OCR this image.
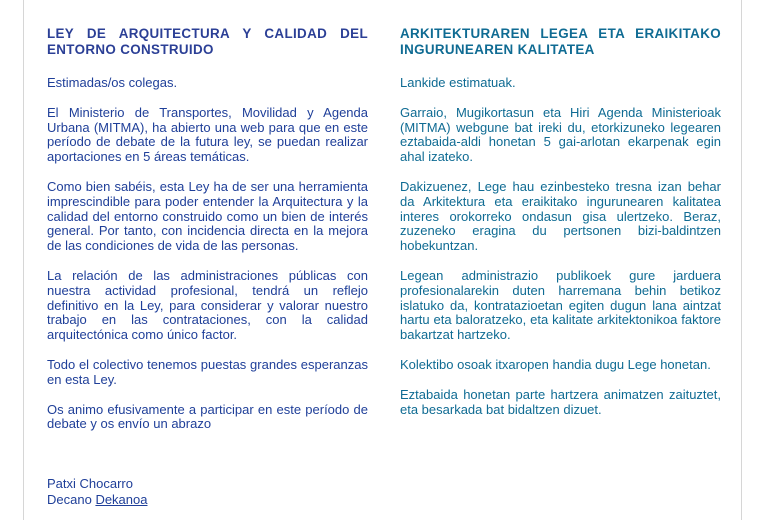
LEY DE ARQUITECTURA Y CALIDAD DEL ENTORNO CONSTRUIDO

Estimadas/os colegas.

El Ministerio de Transportes, Movilidad y Agenda Urbana (MITMA), ha abierto una web para que en este período de debate de la futura ley, se puedan realizar aportaciones en 5 áreas temáticas.

Como bien sabéis, esta Ley ha de ser una herramienta imprescindible para poder entender la Arquitectura y la calidad del entorno construido como un bien de interés general. Por tanto, con incidencia directa en la mejora de las condiciones de vida de las personas.

La relación de las administraciones públicas con nuestra actividad profesional, tendrá un reflejo definitivo en la Ley, para considerar y valorar nuestro trabajo en las contrataciones, con la calidad arquitectónica como único factor.

Todo el colectivo tenemos puestas grandes esperanzas en esta Ley.

Os animo efusivamente a participar en este período de debate y os envío un abrazo

ARKITEKTURAREN LEGEA ETA ERAIKITAKO INGURUNEAREN KALITATEA

Lankide estimatuak.

Garraio, Mugikortasun eta Hiri Agenda Ministerioak (MITMA) webgune bat ireki du, etorkizuneko legearen eztabaida-aldi honetan 5 gai-arlotan ekarpenak egin ahal izateko.

Dakizuenez, Lege hau ezinbesteko tresna izan behar da Arkitektura eta eraikitako ingurunearen kalitatea interes orokorreko ondasun gisa ulertzeko. Beraz, zuzeneko eragina du pertsonen bizi-baldintzen hobekuntzan.

Legean administrazio publikoek gure jarduera profesionalarekin duten harremana behin betikoz islatuko da, kontratazioetan egiten dugun lana aintzat hartu eta baloratzeko, eta kalitate arkitektonikoa faktore bakartzat hartzeko.

Kolektibo osoak itxaropen handia dugu Lege honetan.

Eztabaida honetan parte hartzera animatzen zaituztet, eta besarkada bat bidaltzen dizuet.

Patxi Chocarro
Decano Dekanoa
